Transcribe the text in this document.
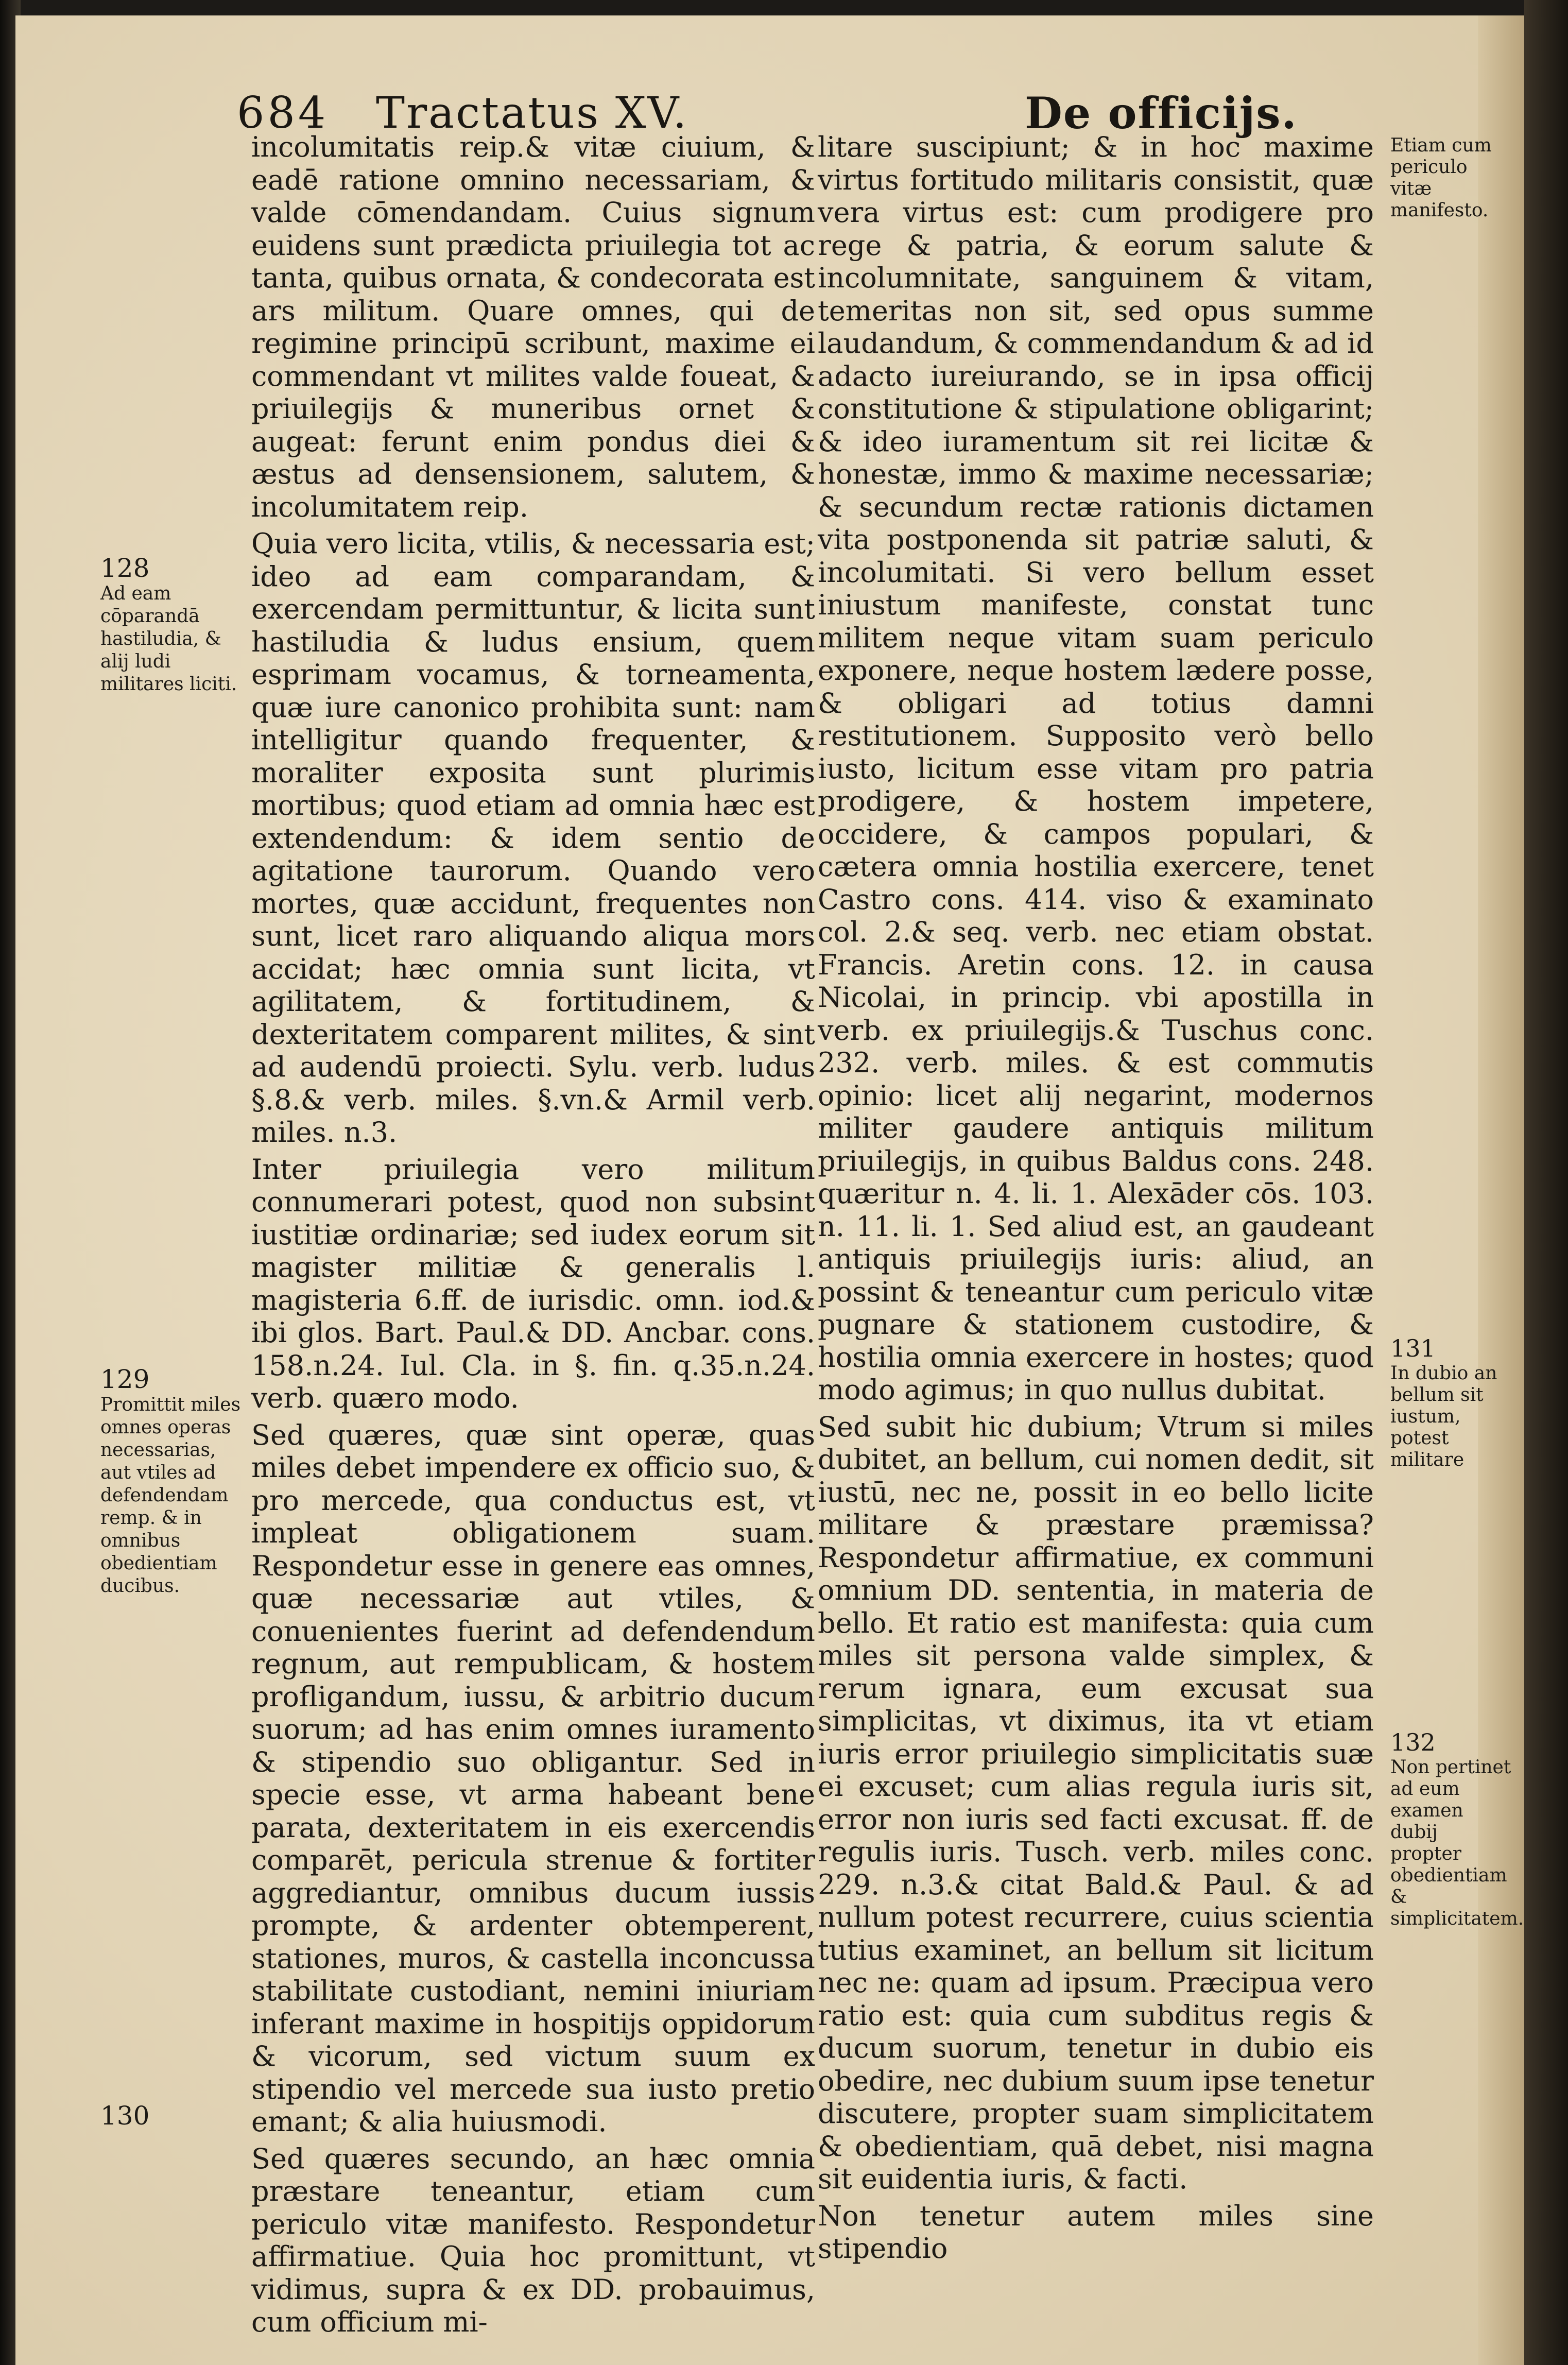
684 Tractatus XV.	De officijs.

incolumitatis reip.& vitæ ciuium, & eadē ratione omnino necessariam, & valde cōmendandam. Cuius signum euidens sunt prædicta priuilegia tot ac tanta, quibus ornata, & condecorata est ars militum. Quare omnes, qui de regimine principū scribunt, maxime ei commendant vt milites valde foueat, & priuilegijs & muneribus ornet & augeat: ferunt enim pondus diei & æstus ad densensionem, salutem, & incolumitatem reip.

Quia vero licita, vtilis, & necessaria est; ideo ad eam comparandam, & exercendam permittuntur, & licita sunt hastiludia & ludus ensium, quem esprimam vocamus, & torneamenta, quæ iure canonico prohibita sunt: nam intelligitur quando frequenter, & moraliter exposita sunt plurimis mortibus; quod etiam ad omnia hæc est extendendum: & idem sentio de agitatione taurorum. Quando vero mortes, quæ accidunt, frequentes non sunt, licet raro aliquando aliqua mors accidat; hæc omnia sunt licita, vt agilitatem, & fortitudinem, & dexteritatem comparent milites, & sint ad audendū proiecti. Sylu. verb. ludus §.8.& verb. miles. §.vn.& Armil verb. miles. n.3.

Inter priuilegia vero militum connumerari potest, quod non subsint iustitiæ ordinariæ; sed iudex eorum sit magister militiæ & generalis l. magisteria 6.ff. de iurisdic. omn. iod.& ibi glos. Bart. Paul.& DD. Ancbar. cons. 158.n.24. Iul. Cla. in §. fin. q.35.n.24. verb. quæro modo.

Sed quæres, quæ sint operæ, quas miles debet impendere ex officio suo, & pro mercede, qua conductus est, vt impleat obligationem suam. Respondetur esse in genere eas omnes, quæ necessariæ aut vtiles, & conuenientes fuerint ad defendendum regnum, aut rempublicam, & hostem profligandum, iussu, & arbitrio ducum suorum; ad has enim omnes iuramento & stipendio suo obligantur. Sed in specie esse, vt arma habeant bene parata, dexteritatem in eis exercendis comparēt, pericula strenue & fortiter aggrediantur, omnibus ducum iussis prompte, & ardenter obtemperent, stationes, muros, & castella inconcussa stabilitate custodiant, nemini iniuriam inferant maxime in hospitijs oppidorum & vicorum, sed victum suum ex stipendio vel mercede sua iusto pretio emant; & alia huiusmodi.

Sed quæres secundo, an hæc omnia præstare teneantur, etiam cum periculo vitæ manifesto. Respondetur affirmatiue. Quia hoc promittunt, vt vidimus, supra & ex DD. probauimus, cum officium mi-

litare suscipiunt; & in hoc maxime virtus fortitudo militaris consistit, quæ vera virtus est: cum prodigere pro rege & patria, & eorum salute & incolumnitate, sanguinem & vitam, temeritas non sit, sed opus summe laudandum, & commendandum & ad id adacto iureiurando, se in ipsa officij constitutione & stipulatione obligarint; & ideo iuramentum sit rei licitæ & honestæ, immo & maxime necessariæ; & secundum rectæ rationis dictamen vita postponenda sit patriæ saluti, & incolumitati. Si vero bellum esset iniustum manifeste, constat tunc militem neque vitam suam periculo exponere, neque hostem lædere posse, & obligari ad totius damni restitutionem. Supposito verò bello iusto, licitum esse vitam pro patria prodigere, & hostem impetere, occidere, & campos populari, & cætera omnia hostilia exercere, tenet Castro cons. 414. viso & examinato col. 2.& seq. verb. nec etiam obstat. Francis. Aretin cons. 12. in causa Nicolai, in princip. vbi apostilla in verb. ex priuilegijs.& Tuschus conc. 232. verb. miles. & est commutis opinio: licet alij negarint, modernos militer gaudere antiquis militum priuilegijs, in quibus Baldus cons. 248. quæritur n. 4. li. 1. Alexāder cōs. 103. n. 11. li. 1. Sed aliud est, an gaudeant antiquis priuilegijs iuris: aliud, an possint & teneantur cum periculo vitæ pugnare & stationem custodire, & hostilia omnia exercere in hostes; quod modo agimus; in quo nullus dubitat.

Sed subit hic dubium; Vtrum si miles dubitet, an bellum, cui nomen dedit, sit iustū, nec ne, possit in eo bello licite militare & præstare præmissa? Respondetur affirmatiue, ex communi omnium DD. sententia, in materia de bello. Et ratio est manifesta: quia cum miles sit persona valde simplex, & rerum ignara, eum excusat sua simplicitas, vt diximus, ita vt etiam iuris error priuilegio simplicitatis suæ ei excuset; cum alias regula iuris sit, error non iuris sed facti excusat. ff. de regulis iuris. Tusch. verb. miles conc. 229. n.3.& citat Bald.& Paul. & ad nullum potest recurrere, cuius scientia tutius examinet, an bellum sit licitum nec ne: quam ad ipsum. Præcipua vero ratio est: quia cum subditus regis & ducum suorum, tenetur in dubio eis obedire, nec dubium suum ipse tenetur discutere, propter suam simplicitatem & obedientiam, quā debet, nisi magna sit euidentia iuris, & facti.

Non tenetur autem miles sine stipendio

128
Ad eam cōparandā hastiludia, & alij ludi militares liciti.
129
Promittit miles omnes operas necessarias, aut vtiles ad defendendam remp. & in omnibus obedientiam ducibus.
130
Etiam cum periculo vitæ manifesto.
131
In dubio an bellum sit iustum, potest militare
132
Non pertinet ad eum examen dubij propter obedientiam & simplicitatem.
